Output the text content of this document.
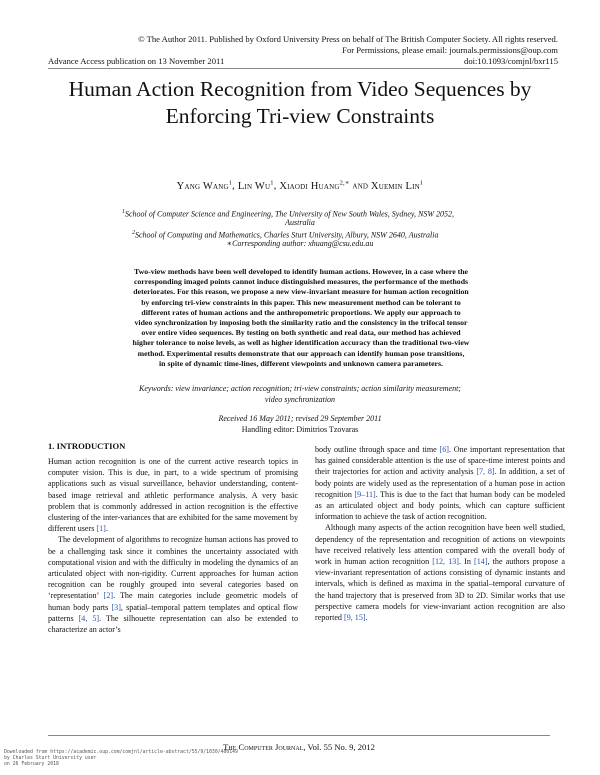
© The Author 2011. Published by Oxford University Press on behalf of The British Computer Society. All rights reserved.
For Permissions, please email: journals.permissions@oup.com
Advance Access publication on 13 November 2011	doi:10.1093/comjnl/bxr115
Human Action Recognition from Video Sequences by Enforcing Tri-view Constraints
Yang Wang$^1$, Lin Wu$^1$, Xiaodi Huang$^{2,∗}$ and Xuemin Lin$^1$
$^1$School of Computer Science and Engineering, The University of New South Wales, Sydney, NSW 2052,
Australia
$^2$School of Computing and Mathematics, Charles Sturt University, Albury, NSW 2640, Australia
∗Corresponding author: xhuang@csu.edu.au
Two-view methods have been well developed to identify human actions. However, in a case where the
corresponding imaged points cannot induce distinguished measures, the performance of the methods
deteriorates. For this reason, we propose a new view-invariant measure for human action recognition
by enforcing tri-view constraints in this paper. This new measurement method can be tolerant to
different rates of human actions and the anthropometric proportions. We apply our approach to
video synchronization by imposing both the similarity ratio and the consistency in the trifocal tensor
over entire video sequences. By testing on both synthetic and real data, our method has achieved
higher tolerance to noise levels, as well as higher identification accuracy than the traditional two-view
method. Experimental results demonstrate that our approach can identify human pose transitions,
in spite of dynamic time-lines, different viewpoints and unknown camera parameters.
Keywords: view invariance; action recognition; tri-view constraints; action similarity measurement;
video synchronization
Received 16 May 2011; revised 29 September 2011
Handling editor: Dimitrios Tzovaras
1. INTRODUCTION

Human action recognition is one of the current active research topics in computer vision. This is due, in part, to a wide spectrum of promising applications such as visual surveillance, behavior understanding, content-based image retrieval and athletic performance analysis. A very basic problem that is commonly addressed in action recognition is the effective clustering of the inter-variances that are exhibited for the same movement by different users [1].

The development of algorithms to recognize human actions has proved to be a challenging task since it combines the uncertainty associated with computational vision and with the difficulty in modeling the dynamics of an articulated object with non-rigidity. Current approaches for human action recognition can be roughly grouped into several categories based on ‘representation’ [2]. The main categories include geometric models of human body parts [3], spatial–temporal pattern templates and optical flow patterns [4, 5]. The silhouette representation can also be extended to characterize an actor’s

body outline through space and time [6]. One important representation that has gained considerable attention is the use of space-time interest points and their trajectories for action and activity analysis [7, 8]. In addition, a set of body points are widely used as the representation of a human pose in action recognition [9–11]. This is due to the fact that human body can be modeled as an articulated object and body points, which can capture sufficient information to achieve the task of action recognition.

Although many aspects of the action recognition have been well studied, dependency of the representation and recognition of actions on viewpoints have received relatively less attention compared with the overall body of work in human action recognition [12, 13]. In [14], the authors propose a view-invariant representation of actions consisting of dynamic instants and intervals, which is defined as maxima in the spatial–temporal curvature of the hand trajectory that is preserved from 3D to 2D. Similar works that use perspective camera models for view-invariant action recognition are also reported [9, 15].

The Computer Journal, Vol. 55 No. 9, 2012
Downloaded from https://academic.oup.com/comjnl/article-abstract/55/9/1030/400149
by Charles Sturt University user
on 26 February 2018
